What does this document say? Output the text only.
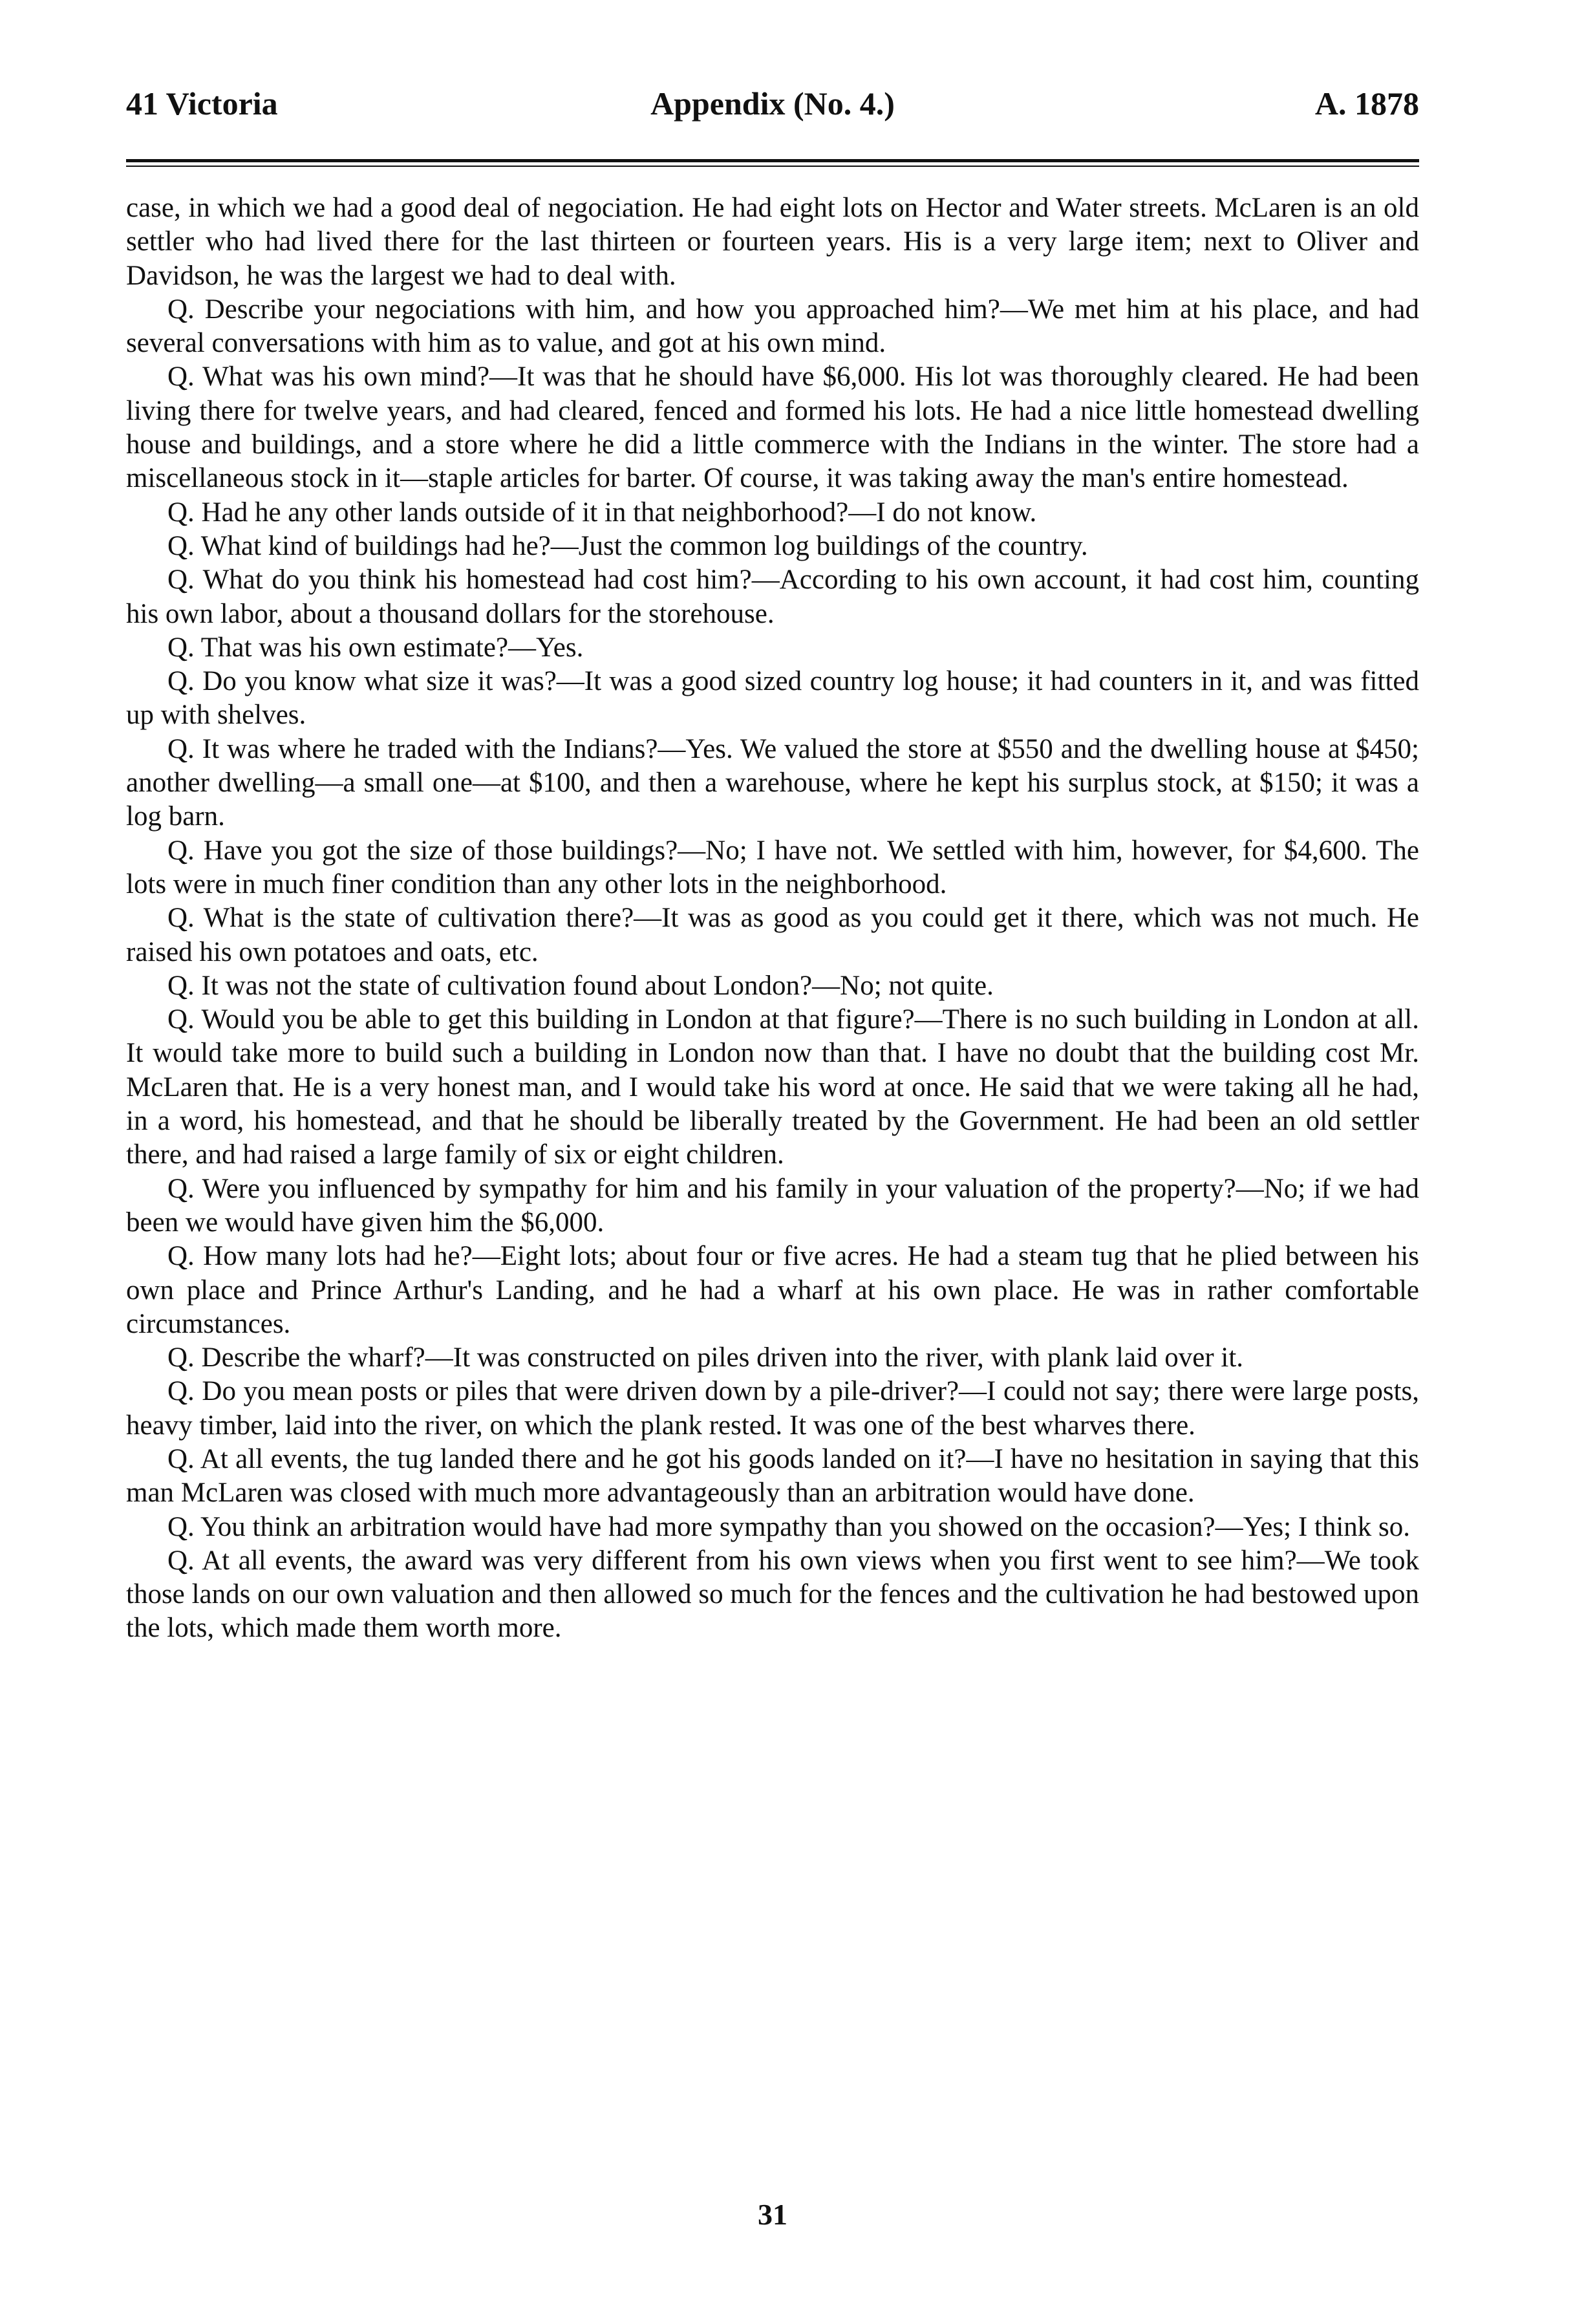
41 Victoria	Appendix (No. 4.)	A. 1878

case, in which we had a good deal of negociation. He had eight lots on Hector and Water streets. McLaren is an old settler who had lived there for the last thirteen or fourteen years. His is a very large item; next to Oliver and Davidson, he was the largest we had to deal with.

Q. Describe your negociations with him, and how you approached him?—We met him at his place, and had several conversations with him as to value, and got at his own mind.

Q. What was his own mind?—It was that he should have $6,000. His lot was thoroughly cleared. He had been living there for twelve years, and had cleared, fenced and formed his lots. He had a nice little homestead dwelling house and buildings, and a store where he did a little commerce with the Indians in the winter. The store had a miscellaneous stock in it—staple articles for barter. Of course, it was taking away the man's entire homestead.

Q. Had he any other lands outside of it in that neighborhood?—I do not know.

Q. What kind of buildings had he?—Just the common log buildings of the country.

Q. What do you think his homestead had cost him?—According to his own account, it had cost him, counting his own labor, about a thousand dollars for the storehouse.

Q. That was his own estimate?—Yes.

Q. Do you know what size it was?—It was a good sized country log house; it had counters in it, and was fitted up with shelves.

Q. It was where he traded with the Indians?—Yes. We valued the store at $550 and the dwelling house at $450; another dwelling—a small one—at $100, and then a warehouse, where he kept his surplus stock, at $150; it was a log barn.

Q. Have you got the size of those buildings?—No; I have not. We settled with him, however, for $4,600. The lots were in much finer condition than any other lots in the neighborhood.

Q. What is the state of cultivation there?—It was as good as you could get it there, which was not much. He raised his own potatoes and oats, etc.

Q. It was not the state of cultivation found about London?—No; not quite.

Q. Would you be able to get this building in London at that figure?—There is no such building in London at all. It would take more to build such a building in London now than that. I have no doubt that the building cost Mr. McLaren that. He is a very honest man, and I would take his word at once. He said that we were taking all he had, in a word, his homestead, and that he should be liberally treated by the Government. He had been an old settler there, and had raised a large family of six or eight children.

Q. Were you influenced by sympathy for him and his family in your valuation of the property?—No; if we had been we would have given him the $6,000.

Q. How many lots had he?—Eight lots; about four or five acres. He had a steam tug that he plied between his own place and Prince Arthur's Landing, and he had a wharf at his own place. He was in rather comfortable circumstances.

Q. Describe the wharf?—It was constructed on piles driven into the river, with plank laid over it.

Q. Do you mean posts or piles that were driven down by a pile-driver?—I could not say; there were large posts, heavy timber, laid into the river, on which the plank rested. It was one of the best wharves there.

Q. At all events, the tug landed there and he got his goods landed on it?—I have no hesitation in saying that this man McLaren was closed with much more advantageously than an arbitration would have done.

Q. You think an arbitration would have had more sympathy than you showed on the occasion?—Yes; I think so.

Q. At all events, the award was very different from his own views when you first went to see him?—We took those lands on our own valuation and then allowed so much for the fences and the cultivation he had bestowed upon the lots, which made them worth more.

31
